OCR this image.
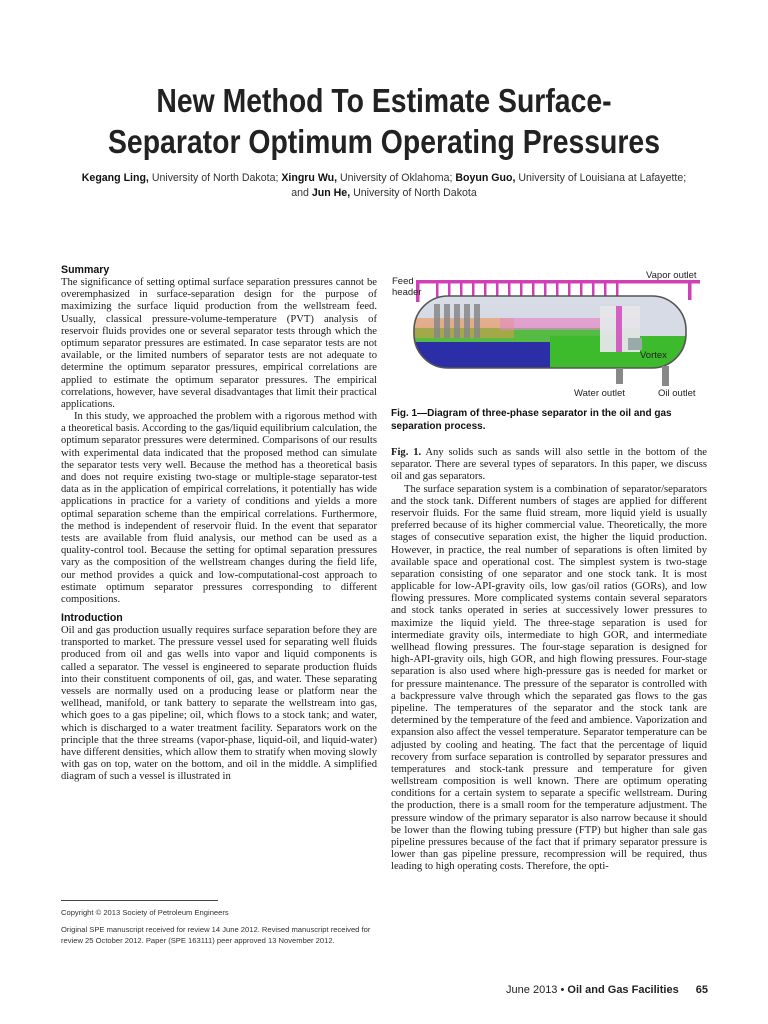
New Method To Estimate Surface-
Separator Optimum Operating Pressures
Kegang Ling, University of North Dakota; Xingru Wu, University of Oklahoma; Boyun Guo, University of Louisiana at Lafayette;
and Jun He, University of North Dakota
Summary

The significance of setting optimal surface separation pressures cannot be overemphasized in surface-separation design for the purpose of maximizing the surface liquid production from the wellstream feed. Usually, classical pressure-volume-temperature (PVT) analysis of reservoir fluids provides one or several separator tests through which the optimum separator pressures are estimated. In case separator tests are not available, or the limited numbers of separator tests are not adequate to determine the optimum separator pressures, empirical correlations are applied to estimate the optimum separator pressures. The empirical correlations, however, have several disadvantages that limit their practical applications.

In this study, we approached the problem with a rigorous method with a theoretical basis. According to the gas/liquid equilibrium calculation, the optimum separator pressures were determined. Comparisons of our results with experimental data indicated that the proposed method can simulate the separator tests very well. Because the method has a theoretical basis and does not require existing two-stage or multiple-stage separator-test data as in the application of empirical correlations, it potentially has wide applications in practice for a variety of conditions and yields a more optimal separation scheme than the empirical correlations. Furthermore, the method is independent of reservoir fluid. In the event that separator tests are available from fluid analysis, our method can be used as a quality-control tool. Because the setting for optimal separation pressures vary as the composition of the wellstream changes during the field life, our method provides a quick and low-computational-cost approach to estimate optimum separator pressures corresponding to different compositions.

Introduction

Oil and gas production usually requires surface separation before they are transported to market. The pressure vessel used for separating well fluids produced from oil and gas wells into vapor and liquid components is called a separator. The vessel is engineered to separate production fluids into their constituent components of oil, gas, and water. These separating vessels are normally used on a producing lease or platform near the wellhead, manifold, or tank battery to separate the wellstream into gas, which goes to a gas pipeline; oil, which flows to a stock tank; and water, which is discharged to a water treatment facility. Separators work on the principle that the three streams (vapor-phase, liquid-oil, and liquid-water) have different densities, which allow them to stratify when moving slowly with gas on top, water on the bottom, and oil in the middle. A simplified diagram of such a vessel is illustrated in

Copyright © 2013 Society of Petroleum Engineers
Original SPE manuscript received for review 14 June 2012. Revised manuscript received for review 25 October 2012. Paper (SPE 163111) peer approved 13 November 2012.
Feed
header
Vapor outlet
Vortex
Water outlet	Oil outlet
Fig. 1—Diagram of three-phase separator in the oil and gas separation process.

Fig. 1. Any solids such as sands will also settle in the bottom of the separator. There are several types of separators. In this paper, we discuss oil and gas separators.

The surface separation system is a combination of separator/separators and the stock tank. Different numbers of stages are applied for different reservoir fluids. For the same fluid stream, more liquid yield is usually preferred because of its higher commercial value. Theoretically, the more stages of consecutive separation exist, the higher the liquid production. However, in practice, the real number of separations is often limited by available space and operational cost. The simplest system is two-stage separation consisting of one separator and one stock tank. It is most applicable for low-API-gravity oils, low gas/oil ratios (GORs), and low flowing pressures. More complicated systems contain several separators and stock tanks operated in series at successively lower pressures to maximize the liquid yield. The three-stage separation is used for intermediate gravity oils, intermediate to high GOR, and intermediate wellhead flowing pressures. The four-stage separation is designed for high-API-gravity oils, high GOR, and high flowing pressures. Four-stage separation is also used where high-pressure gas is needed for market or for pressure maintenance. The pressure of the separator is controlled with a backpressure valve through which the separated gas flows to the gas pipeline. The temperatures of the separator and the stock tank are determined by the temperature of the feed and ambience. Vaporization and expansion also affect the vessel temperature. Separator temperature can be adjusted by cooling and heating. The fact that the percentage of liquid recovery from surface separation is controlled by separator pressures and temperatures and stock-tank pressure and temperature for given wellstream composition is well known. There are optimum operating conditions for a certain system to separate a specific wellstream. During the production, there is a small room for the temperature adjustment. The pressure window of the primary separator is also narrow because it should be lower than the flowing tubing pressure (FTP) but higher than sale gas pipeline pressures because of the fact that if primary separator pressure is lower than gas pipeline pressure, recompression will be required, thus leading to high operating costs. Therefore, the opti-

June 2013 • Oil and Gas Facilities 65
